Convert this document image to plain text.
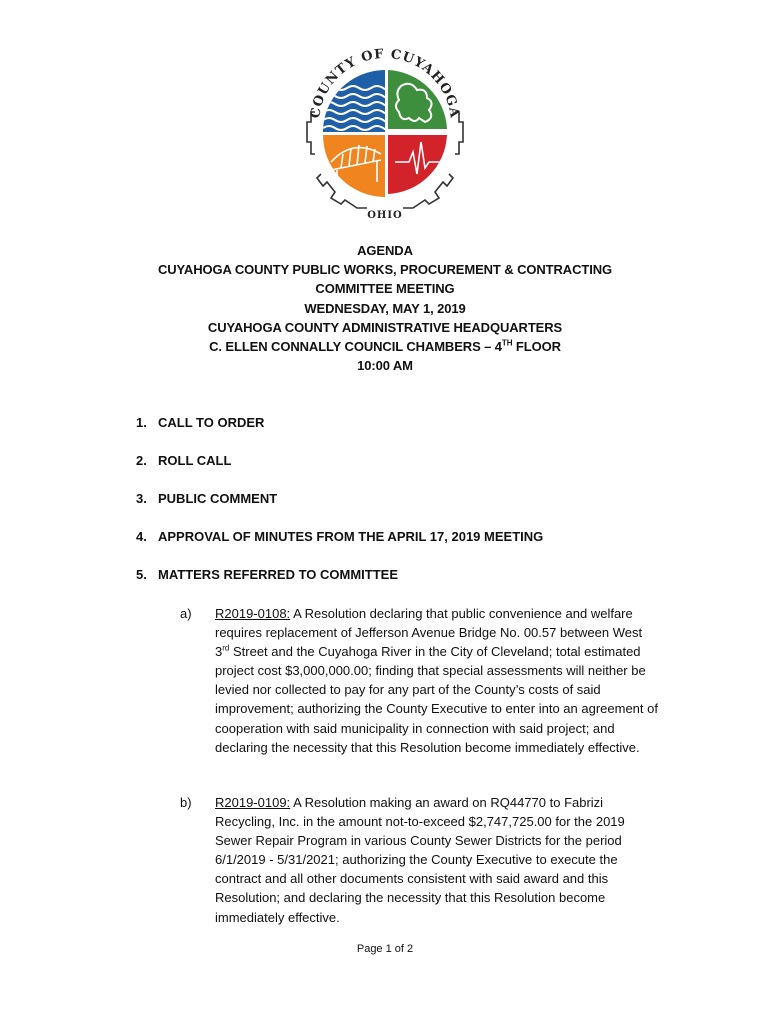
COUNTY OF CUYAHOGA
OHIO
AGENDA
CUYAHOGA COUNTY PUBLIC WORKS, PROCUREMENT & CONTRACTING
COMMITTEE MEETING
WEDNESDAY, MAY 1, 2019
CUYAHOGA COUNTY ADMINISTRATIVE HEADQUARTERS
C. ELLEN CONNALLY COUNCIL CHAMBERS – 4TH FLOOR
10:00 AM
1. CALL TO ORDER
2. ROLL CALL
3. PUBLIC COMMENT
4. APPROVAL OF MINUTES FROM THE APRIL 17, 2019 MEETING
5. MATTERS REFERRED TO COMMITTEE
a) R2019-0108: A Resolution declaring that public convenience and welfare requires replacement of Jefferson Avenue Bridge No. 00.57 between West 3rd Street and the Cuyahoga River in the City of Cleveland; total estimated project cost $3,000,000.00; finding that special assessments will neither be levied nor collected to pay for any part of the County’s costs of said improvement; authorizing the County Executive to enter into an agreement of cooperation with said municipality in connection with said project; and declaring the necessity that this Resolution become immediately effective.
b) R2019-0109: A Resolution making an award on RQ44770 to Fabrizi Recycling, Inc. in the amount not-to-exceed $2,747,725.00 for the 2019 Sewer Repair Program in various County Sewer Districts for the period 6/1/2019 - 5/31/2021; authorizing the County Executive to execute the contract and all other documents consistent with said award and this Resolution; and declaring the necessity that this Resolution become immediately effective.
Page 1 of 2
